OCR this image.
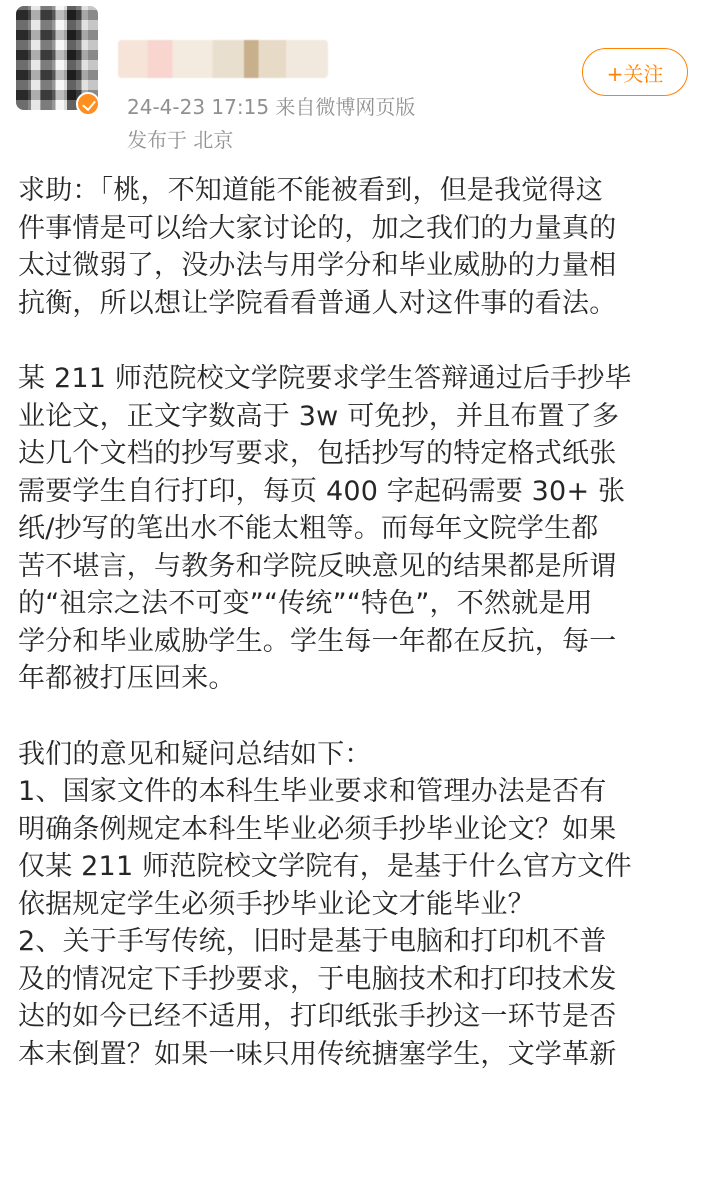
24-4-23 17:15 来自微博网页版
发布于 北京
+关注
求助：「桃，不知道能不能被看到，但是我觉得这
件事情是可以给大家讨论的，加之我们的力量真的
太过微弱了，没办法与用学分和毕业威胁的力量相
抗衡，所以想让学院看看普通人对这件事的看法。
某 211 师范院校文学院要求学生答辩通过后手抄毕
业论文，正文字数高于 3w 可免抄，并且布置了多
达几个文档的抄写要求，包括抄写的特定格式纸张
需要学生自行打印，每页 400 字起码需要 30+ 张
纸/抄写的笔出水不能太粗等。而每年文院学生都
苦不堪言，与教务和学院反映意见的结果都是所谓
的“祖宗之法不可变”“传统”“特色”，不然就是用
学分和毕业威胁学生。学生每一年都在反抗，每一
年都被打压回来。
我们的意见和疑问总结如下：
1、国家文件的本科生毕业要求和管理办法是否有
明确条例规定本科生毕业必须手抄毕业论文？如果
仅某 211 师范院校文学院有，是基于什么官方文件
依据规定学生必须手抄毕业论文才能毕业？
2、关于手写传统，旧时是基于电脑和打印机不普
及的情况定下手抄要求，于电脑技术和打印技术发
达的如今已经不适用，打印纸张手抄这一环节是否
本末倒置？如果一味只用传统搪塞学生，文学革新
